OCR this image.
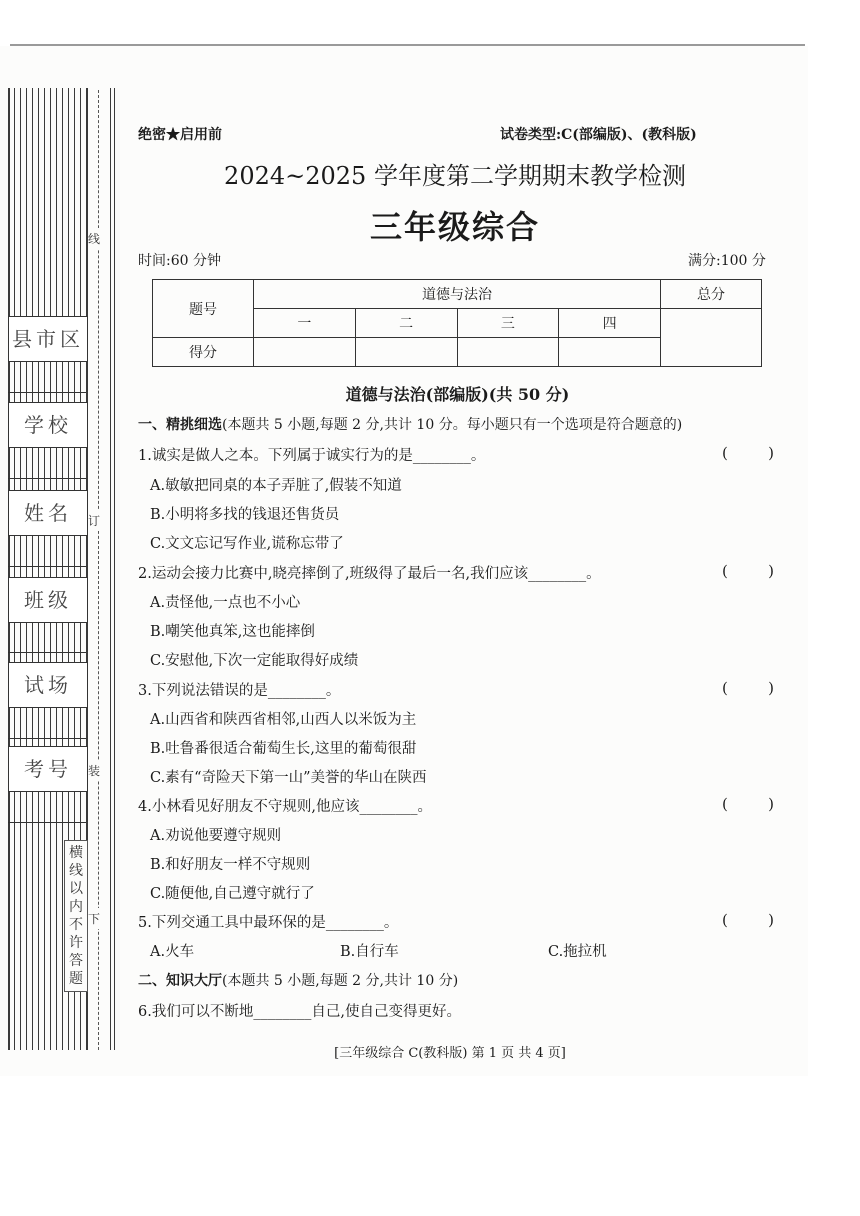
线
订
装
下
县市区
学校
姓名
班级
试场
考号
横线以内不许答题
绝密★启用前	试卷类型:C(部编版)、(教科版)
2024~2025 学年度第二学期期末教学检测
三年级综合
时间:60 分钟	满分:100 分
题号	道德与法治				总分
	一	二	三	四	
得分					
道德与法治(部编版)(共 50 分)
一、精挑细选(本题共 5 小题,每题 2 分,共计 10 分。每小题只有一个选项是符合题意的)
1.诚实是做人之本。下列属于诚实行为的是________。	(	)
A.敏敏把同桌的本子弄脏了,假装不知道
B.小明将多找的钱退还售货员
C.文文忘记写作业,谎称忘带了
2.运动会接力比赛中,晓亮摔倒了,班级得了最后一名,我们应该________。	(	)
A.责怪他,一点也不小心
B.嘲笑他真笨,这也能摔倒
C.安慰他,下次一定能取得好成绩
3.下列说法错误的是________。	(	)
A.山西省和陕西省相邻,山西人以米饭为主
B.吐鲁番很适合葡萄生长,这里的葡萄很甜
C.素有“奇险天下第一山”美誉的华山在陕西
4.小林看见好朋友不守规则,他应该________。	(	)
A.劝说他要遵守规则
B.和好朋友一样不守规则
C.随便他,自己遵守就行了
5.下列交通工具中最环保的是________。	(	)
A.火车	B.自行车	C.拖拉机
二、知识大厅(本题共 5 小题,每题 2 分,共计 10 分)
6.我们可以不断地________自己,使自己变得更好。
[三年级综合 C(教科版) 第 1 页 共 4 页]
